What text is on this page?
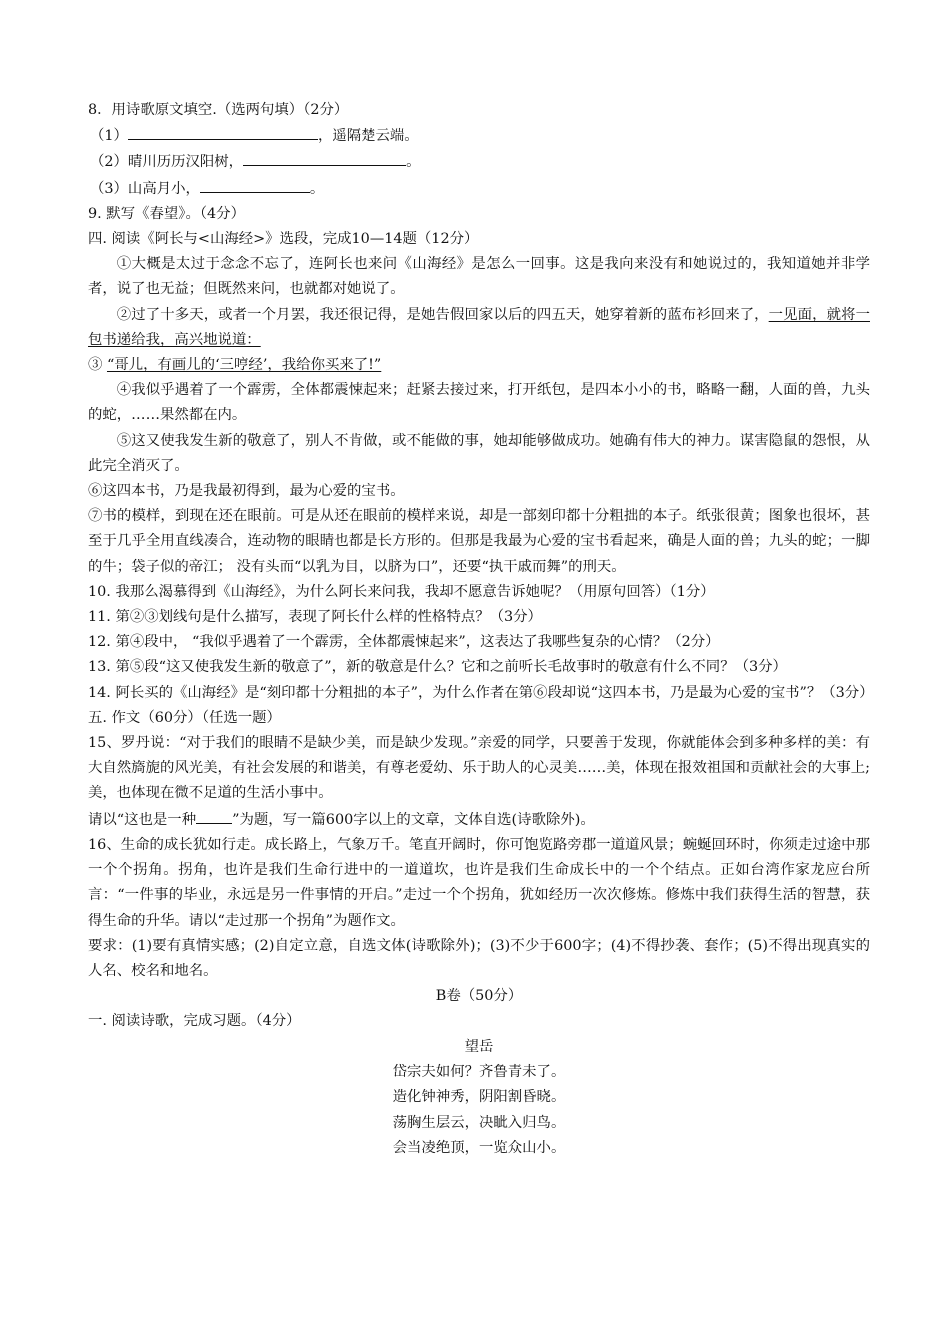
8．用诗歌原文填空.（选两句填）（2分）
（1）	，遥隔楚云端。
（2）晴川历历汉阳树，	。
（3）山高月小，	。
9. 默写《春望》。（4分）
四. 阅读《阿长与<山海经>》选段，完成10—14题（12分）
①大概是太过于念念不忘了，连阿长也来问《山海经》是怎么一回事。这是我向来没有和她说过的，我知道她并非学者，说了也无益；但既然来问，也就都对她说了。
②过了十多天，或者一个月罢，我还很记得，是她告假回家以后的四五天，她穿着新的蓝布衫回来了，一见面，就将一包书递给我，高兴地说道：
③ “哥儿，有画儿的‘三哼经’，我给你买来了!”
④我似乎遇着了一个霹雳，全体都震悚起来；赶紧去接过来，打开纸包，是四本小小的书，略略一翻，人面的兽，九头的蛇，……果然都在内。
⑤这又使我发生新的敬意了，别人不肯做，或不能做的事，她却能够做成功。她确有伟大的神力。谋害隐鼠的怨恨，从此完全消灭了。
⑥这四本书，乃是我最初得到，最为心爱的宝书。
⑦书的模样，到现在还在眼前。可是从还在眼前的模样来说，却是一部刻印都十分粗拙的本子。纸张很黄；图象也很坏，甚至于几乎全用直线凑合，连动物的眼睛也都是长方形的。但那是我最为心爱的宝书看起来，确是人面的兽；九头的蛇；一脚的牛；袋子似的帝江； 没有头而“以乳为目，以脐为口”，还要“执干戚而舞”的刑天。
10. 我那么渴慕得到《山海经》，为什么阿长来问我，我却不愿意告诉她呢？（用原句回答）（1分）
11. 第②③划线句是什么描写，表现了阿长什么样的性格特点？（3分）
12. 第④段中， “我似乎遇着了一个霹雳，全体都震悚起来”，这表达了我哪些复杂的心情？（2分）
13. 第⑤段“这又使我发生新的敬意了”，新的敬意是什么？它和之前听长毛故事时的敬意有什么不同？（3分）
14. 阿长买的《山海经》是“刻印都十分粗拙的本子”，为什么作者在第⑥段却说“这四本书，乃是最为心爱的宝书”？（3分）
五. 作文（60分）（任选一题）
15、罗丹说：“对于我们的眼睛不是缺少美，而是缺少发现。”亲爱的同学，只要善于发现，你就能体会到多种多样的美：有大自然旖旎的风光美，有社会发展的和谐美，有尊老爱幼、乐于助人的心灵美……美，体现在报效祖国和贡献社会的大事上;美，也体现在微不足道的生活小事中。
请以“这也是一种	”为题，写一篇600字以上的文章，文体自选(诗歌除外)。
16、生命的成长犹如行走。成长路上，气象万千。笔直开阔时，你可饱览路旁郡一道道风景；蜿蜒回环时，你须走过途中那一个个拐角。拐角，也许是我们生命行进中的一道道坎，也许是我们生命成长中的一个个结点。正如台湾作家龙应台所言：“一件事的毕业，永远是另一件事情的开启。”走过一个个拐角，犹如经历一次次修炼。修炼中我们获得生活的智慧，获得生命的升华。请以“走过那一个拐角”为题作文。
要求：(1)要有真情实感；(2)自定立意，自选文体(诗歌除外)；(3)不少于600字；(4)不得抄袭、套作；(5)不得出现真实的人名、校名和地名。
B卷（50分）
一. 阅读诗歌，完成习题。（4分）
望岳
岱宗夫如何？齐鲁青未了。
造化钟神秀，阴阳割昏晓。
荡胸生层云，决眦入归鸟。
会当凌绝顶，一览众山小。
